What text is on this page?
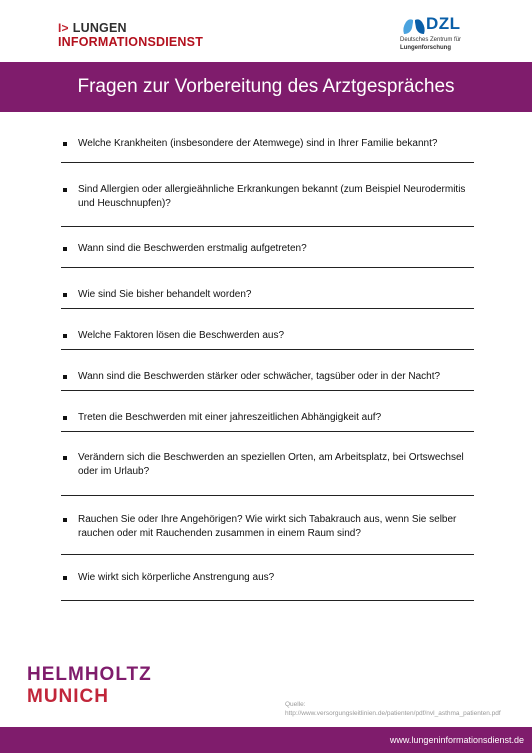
I> LUNGEN
INFORMATIONSDIENST
DZL
Deutsches Zentrum für
Lungenforschung
Fragen zur Vorbereitung des Arztgespräches
Welche Krankheiten (insbesondere der Atemwege) sind in Ihrer Familie bekannt?
Sind Allergien oder allergieähnliche Erkrankungen bekannt (zum Beispiel Neurodermitis und Heuschnupfen)?
Wann sind die Beschwerden erstmalig aufgetreten?
Wie sind Sie bisher behandelt worden?
Welche Faktoren lösen die Beschwerden aus?
Wann sind die Beschwerden stärker oder schwächer, tagsüber oder in der Nacht?
Treten die Beschwerden mit einer jahreszeitlichen Abhängigkeit auf?
Verändern sich die Beschwerden an speziellen Orten, am Arbeitsplatz, bei Ortswechsel oder im Urlaub?
Rauchen Sie oder Ihre Angehörigen? Wie wirkt sich Tabakrauch aus, wenn Sie selber rauchen oder mit Rauchenden zusammen in einem Raum sind?
Wie wirkt sich körperliche Anstrengung aus?
HELMHOLTZ
MUNICH	Quelle:
http://www.versorgungsleitlinien.de/patienten/pdf/nvl_asthma_patienten.pdf
www.lungeninformationsdienst.de
